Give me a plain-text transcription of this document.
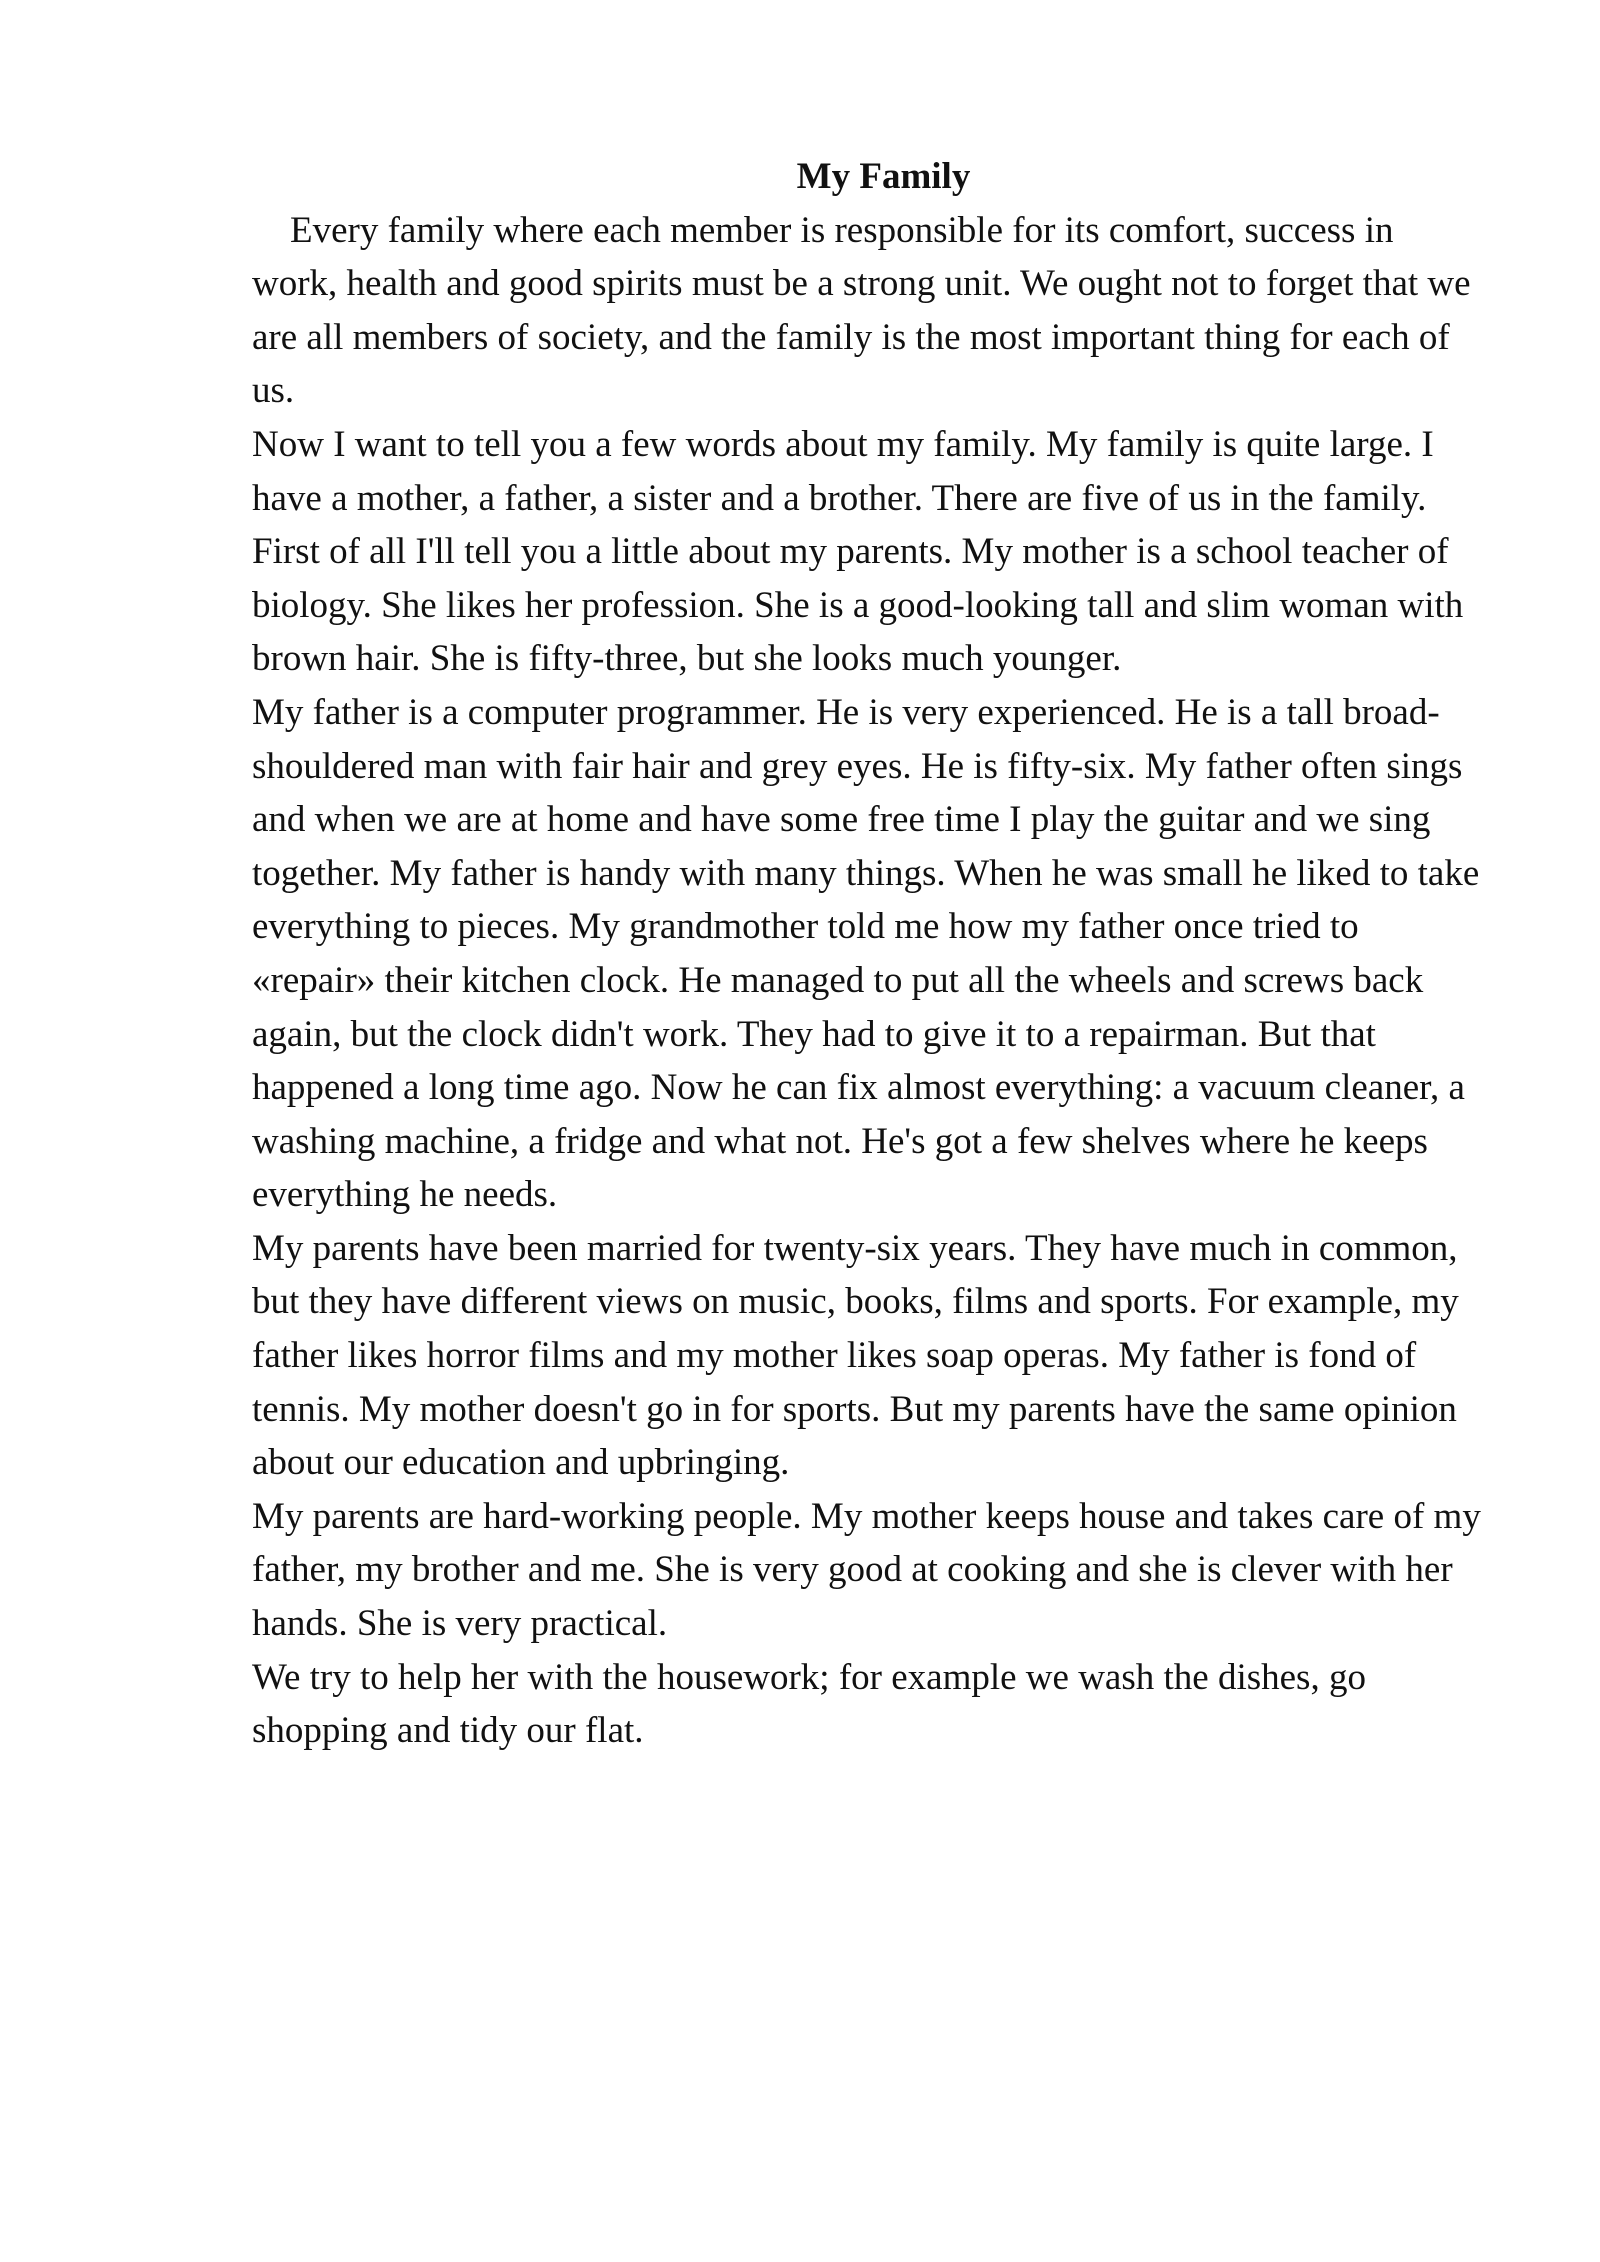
My Family

Every family where each member is responsible for its comfort, success in work, health and good spirits must be a strong unit. We ought not to forget that we are all members of society, and the family is the most important thing for each of us.

Now I want to tell you a few words about my family. My family is quite large. I have a mother, a father, a sister and a brother. There are five of us in the family.

First of all I'll tell you a little about my parents. My mother is a school teacher of biology. She likes her profession. She is a good-looking tall and slim woman with brown hair. She is fifty-three, but she looks much younger.

My father is a computer programmer. He is very experienced. He is a tall broad-shouldered man with fair hair and grey eyes. He is fifty-six. My father often sings and when we are at home and have some free time I play the guitar and we sing together. My father is handy with many things. When he was small he liked to take everything to pieces. My grandmother told me how my father once tried to «repair» their kitchen clock. He managed to put all the wheels and screws back again, but the clock didn't work. They had to give it to a repairman. But that happened a long time ago. Now he can fix almost everything: a vacuum cleaner, a washing machine, a fridge and what not. He's got a few shelves where he keeps everything he needs.

My parents have been married for twenty-six years. They have much in common, but they have different views on music, books, films and sports. For example, my father likes horror films and my mother likes soap operas. My father is fond of tennis. My mother doesn't go in for sports. But my parents have the same opinion about our education and upbringing.

My parents are hard-working people. My mother keeps house and takes care of my father, my brother and me. She is very good at cooking and she is clever with her hands. She is very practical.

We try to help her with the housework; for example we wash the dishes, go shopping and tidy our flat.
